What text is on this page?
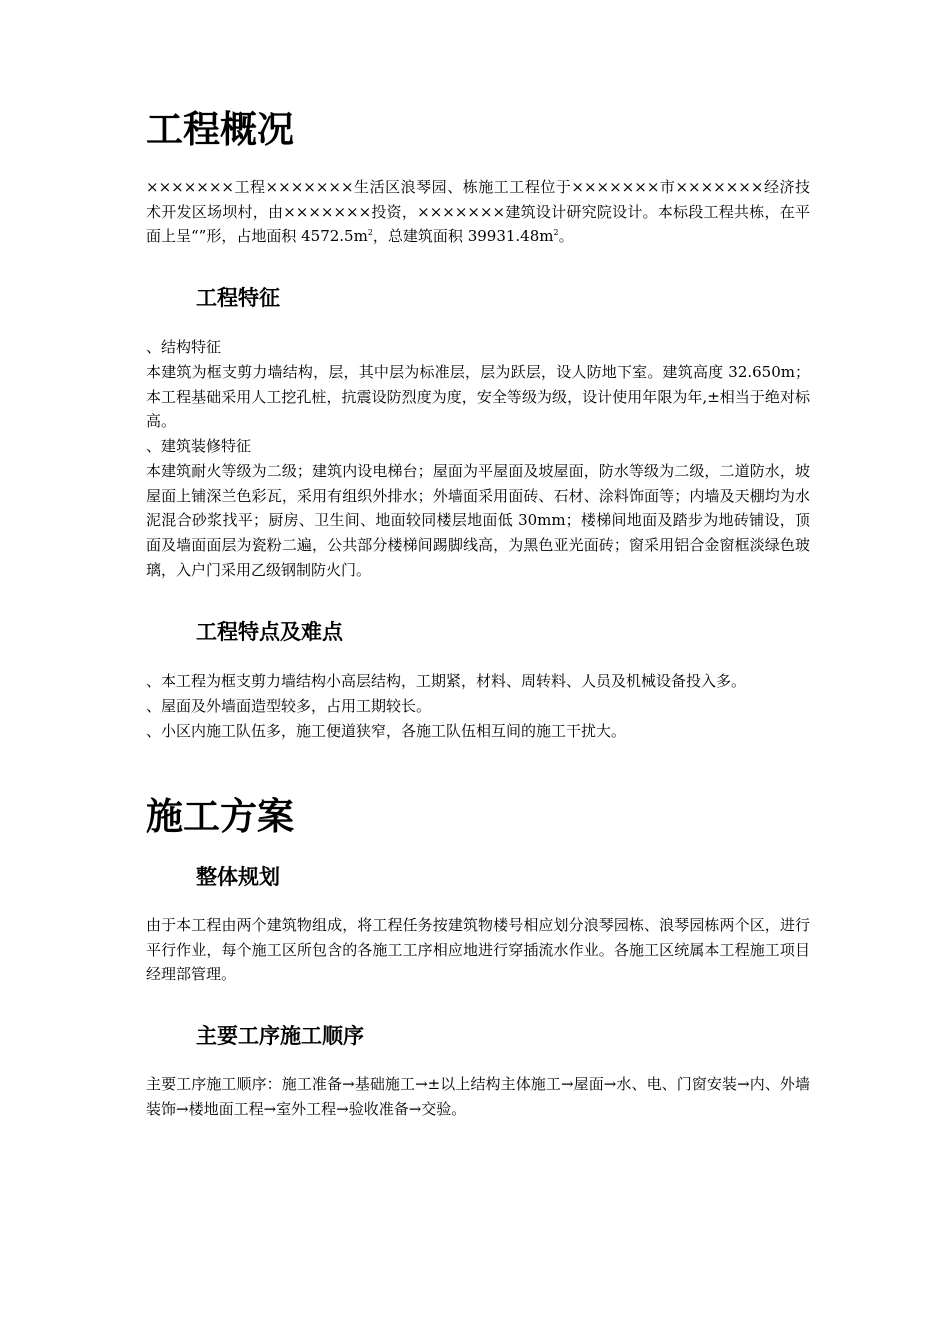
工程概况
×××××××工程×××××××生活区浪琴园、栋施工工程位于×××××××市×××××××经济技术开发区场坝村，由×××××××投资，×××××××建筑设计研究院设计。本标段工程共栋，在平面上呈“”形，占地面积 $4572.5m^2$，总建筑面积 $39931.48m^2$。
工程特征
、结构特征
本建筑为框支剪力墙结构，层，其中层为标准层，层为跃层，设人防地下室。建筑高度 32.650m；本工程基础采用人工挖孔桩，抗震设防烈度为度，安全等级为级，设计使用年限为年,±相当于绝对标高。
、建筑装修特征
本建筑耐火等级为二级；建筑内设电梯台；屋面为平屋面及坡屋面，防水等级为二级，二道防水，坡屋面上铺深兰色彩瓦，采用有组织外排水；外墙面采用面砖、石材、涂料饰面等；内墙及天棚均为水泥混合砂浆找平；厨房、卫生间、地面较同楼层地面低 30mm；楼梯间地面及踏步为地砖铺设，顶面及墙面面层为瓷粉二遍，公共部分楼梯间踢脚线高，为黑色亚光面砖；窗采用铝合金窗框淡绿色玻璃，入户门采用乙级钢制防火门。
工程特点及难点
、本工程为框支剪力墙结构小高层结构，工期紧，材料、周转料、人员及机械设备投入多。
、屋面及外墙面造型较多，占用工期较长。
、小区内施工队伍多，施工便道狭窄，各施工队伍相互间的施工干扰大。
施工方案
整体规划
由于本工程由两个建筑物组成，将工程任务按建筑物楼号相应划分浪琴园栋、浪琴园栋两个区，进行平行作业，每个施工区所包含的各施工工序相应地进行穿插流水作业。各施工区统属本工程施工项目经理部管理。
主要工序施工顺序
主要工序施工顺序：施工准备→基础施工→±以上结构主体施工→屋面→水、电、门窗安装→内、外墙装饰→楼地面工程→室外工程→验收准备→交验。
